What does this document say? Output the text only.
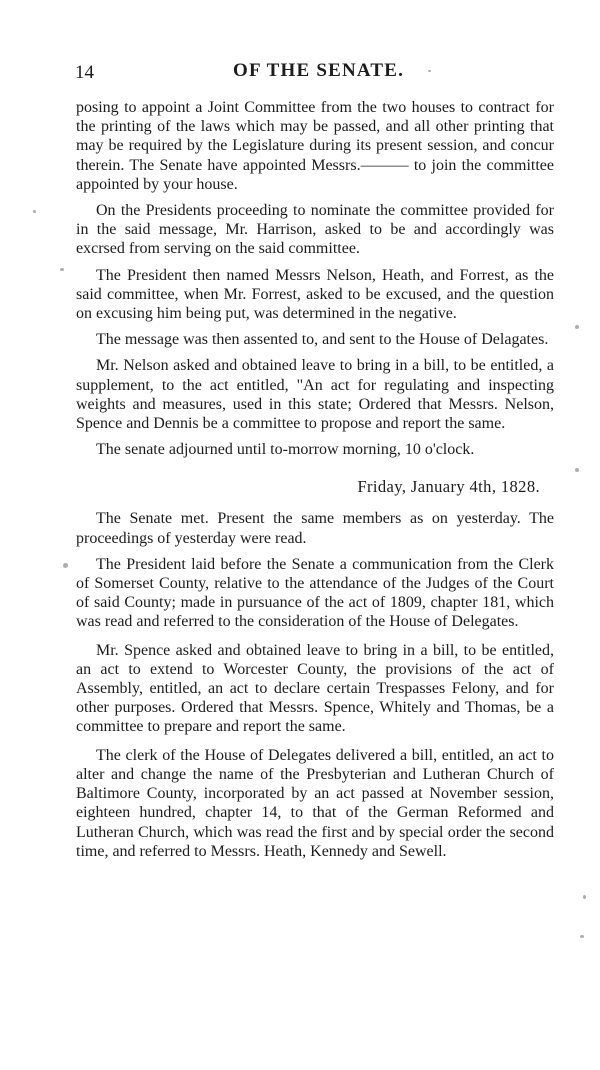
14	OF THE SENATE.

posing to appoint a Joint Committee from the two houses to contract for the printing of the laws which may be passed, and all other printing that may be required by the Legislature during its present session, and concur therein. The Senate have appointed Messrs.——— to join the committee appointed by your house.

On the Presidents proceeding to nominate the committee provided for in the said message, Mr. Harrison, asked to be and accordingly was excrsed from serving on the said committee.

The President then named Messrs Nelson, Heath, and Forrest, as the said committee, when Mr. Forrest, asked to be excused, and the question on excusing him being put, was determined in the negative.

The message was then assented to, and sent to the House of Delagates.

Mr. Nelson asked and obtained leave to bring in a bill, to be entitled, a supplement, to the act entitled, "An act for regulating and inspecting weights and measures, used in this state; Ordered that Messrs. Nelson, Spence and Dennis be a committee to propose and report the same.

The senate adjourned until to-morrow morning, 10 o'clock.

Friday, January 4th, 1828.

The Senate met. Present the same members as on yesterday. The proceedings of yesterday were read.

The President laid before the Senate a communication from the Clerk of Somerset County, relative to the attendance of the Judges of the Court of said County; made in pursuance of the act of 1809, chapter 181, which was read and referred to the consideration of the House of Delegates.

Mr. Spence asked and obtained leave to bring in a bill, to be entitled, an act to extend to Worcester County, the provisions of the act of Assembly, entitled, an act to declare certain Trespasses Felony, and for other purposes. Ordered that Messrs. Spence, Whitely and Thomas, be a committee to prepare and report the same.

The clerk of the House of Delegates delivered a bill, entitled, an act to alter and change the name of the Presbyterian and Lutheran Church of Baltimore County, incorporated by an act passed at November session, eighteen hundred, chapter 14, to that of the German Reformed and Lutheran Church, which was read the first and by special order the second time, and referred to Messrs. Heath, Kennedy and Sewell.
